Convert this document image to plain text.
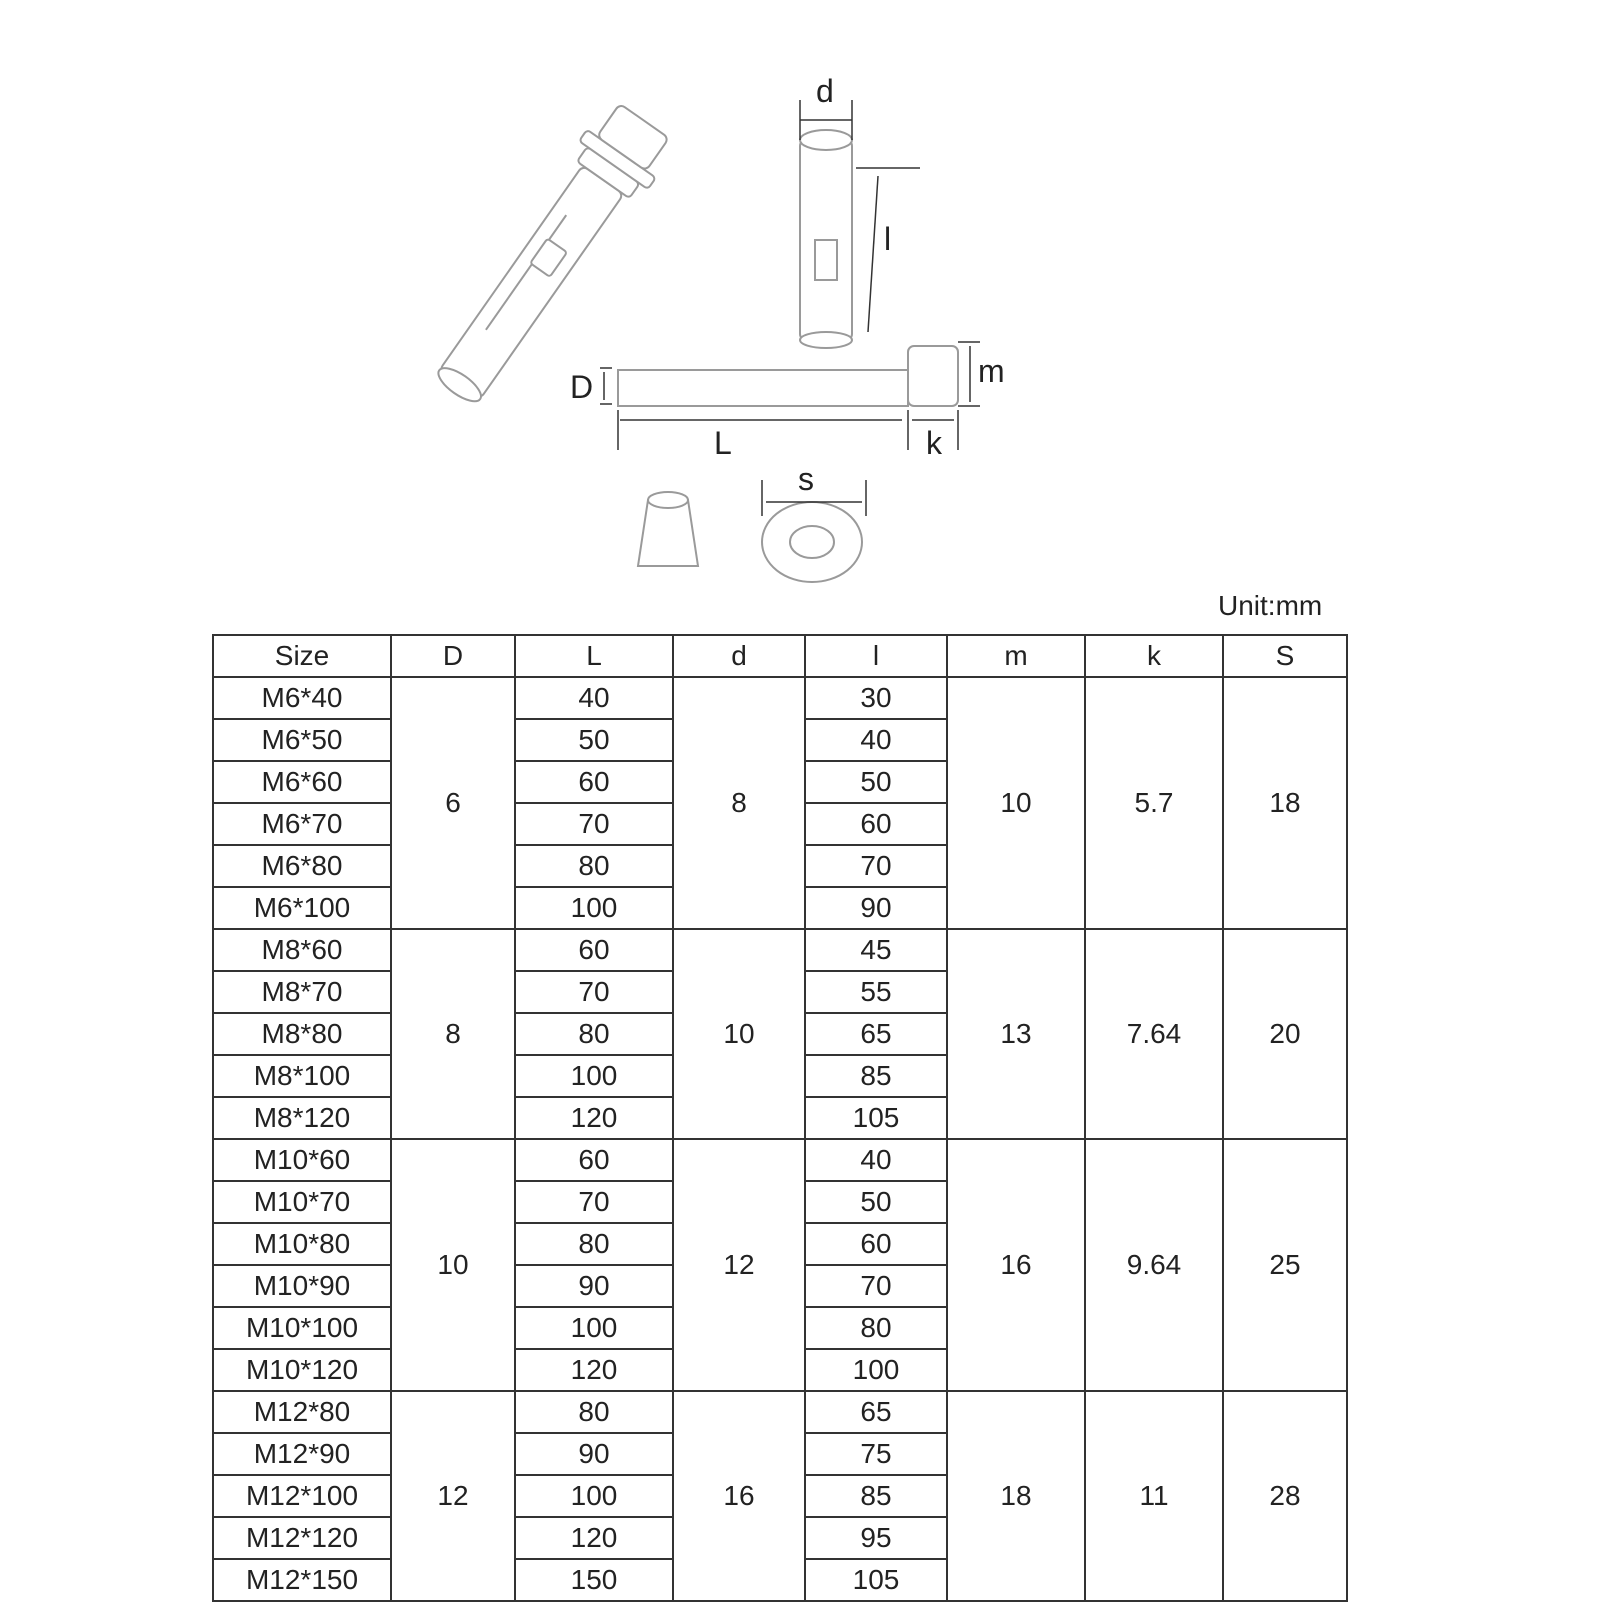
d
l
D	m
L	k
s
Unit:mm
Size	D	L	d	l	m	k	S
M6*40	6	40	8	30	10	5.7	18
M6*50		50		40			
M6*60		60		50			
M6*70		70		60			
M6*80		80		70			
M6*100		100		90			
M8*60	8	60	10	45	13	7.64	20
M8*70		70		55			
M8*80		80		65			
M8*100		100		85			
M8*120		120		105			
M10*60	10	60	12	40	16	9.64	25
M10*70		70		50			
M10*80		80		60			
M10*90		90		70			
M10*100		100		80			
M10*120		120		100			
M12*80	12	80	16	65	18	11	28
M12*90		90		75			
M12*100		100		85			
M12*120		120		95			
M12*150		150		105			
